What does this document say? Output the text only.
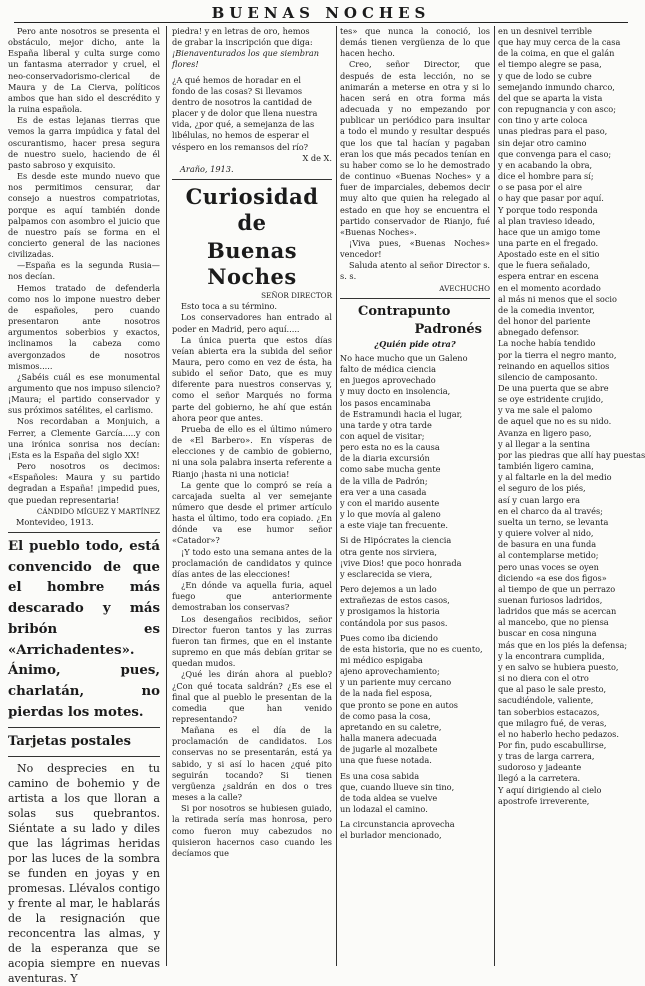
BUENAS NOCHES

Pero ante nosotros se presenta el obstáculo, mejor dicho, ante la España liberal y culta surge como un fantasma aterrador y cruel, el neo-conservadorismo-clerical de Maura y de La Cierva, políticos ambos que han sido el descrédito y la ruina española.

Es de estas lejanas tierras que vemos la garra impúdica y fatal del oscurantismo, hacer presa segura de nuestro suelo, haciendo de él pasto sabroso y exquisito.

Es desde este mundo nuevo que nos permitimos censurar, dar consejo a nuestros compatriotas, porque es aquí también donde palpamos con asombro el juicio que de nuestro país se forma en el concierto general de las naciones civilizadas.

—España es la segunda Rusia—nos decían.

Hemos tratado de defenderla como nos lo impone nuestro deber de españoles, pero cuando presentaron ante nosotros argumentos soberbios y exactos, inclinamos la cabeza como avergonzados de nosotros mismos.....

¿Sabéis cuál es ese monumental argumento que nos impuso silencio? ¡Maura; el partido conservador y sus próximos satélites, el carlismo.

Nos recordaban a Monjuich, a Ferrer, a Clemente García.....y con una irónica sonrisa nos decían: ¡Esta es la España del siglo XX!

Pero nosotros os decimos: «Españoles: Maura y su partido degradan a España! ¡impedid pues, que puedan representaria!

CÁNDIDO MÍGUEZ Y MARTÍNEZ
Montevideo, 1913.
El pueblo todo, está convencido de que el hombre más descarado y más bribón es «Arrichadentes». Ánimo, pues, charlatán, no pierdas los motes.
Tarjetas postales

No desprecies en tu camino de bohemio y de artista a los que lloran a solas sus quebrantos. Siéntate a su lado y diles que las lágrimas heridas por las luces de la sombra se funden en joyas y en promesas. Llévalos contigo y frente al mar, le hablarás de la resignación que reconcentra las almas, y de la esperanza que se acopia siempre en nuevas aventuras. Y

piedra! y en letras de oro, hemos
de grabar la inscripción que diga:
¡Bienaventurados los que siembran
flores!

¿A qué hemos de horadar en el
fondo de las cosas? Si llevamos
dentro de nosotros la cantidad de
placer y de dolor que llena nuestra
vida, ¿por qué, a semejanza de las
libélulas, no hemos de esperar el
véspero en los remansos del río?
X de X.
Araño, 1913.
Curiosidad de
Buenas Noches
SEÑOR DIRECTOR

Esto toca a su término.

Los conservadores han entrado al poder en Madrid, pero aquí.....

La única puerta que estos días veían abierta era la subida del señor Maura, pero como en vez de ésta, ha subido el señor Dato, que es muy diferente para nuestros conservas y, como el señor Marqués no forma parte del gobierno, he ahí que están ahora peor que antes.

Prueba de ello es el último número de «El Barbero». En vísperas de elecciones y de cambio de gobierno, ni una sola palabra inserta referente a Rianjo ¡hasta ni una noticia!

La gente que lo compró se reía a carcajada suelta al ver semejante número que desde el primer artículo hasta el último, todo era copiado. ¿En dónde va ese humor señor «Catador»?

¡Y todo esto una semana antes de la proclamación de candidatos y quince días antes de las elecciones!

¿En dónde va aquella furia, aquel fuego que anteriormente demostraban los conservas?

Los desengaños recibidos, señor Director fueron tantos y las zurras fueron tan firmes, que en el instante supremo en que más debían gritar se quedan mudos.

¿Qué les dirán ahora al pueblo? ¿Con qué tocata saldrán? ¿Es ese el final que al pueblo le presentan de la comedia que han venido representando?

Mañana es el día de la proclamación de candidatos. Los conservas no se presentarán, está ya sabido, y si así lo hacen ¿qué pito seguirán tocando? Si tienen vergüenza ¿saldrán en dos o tres meses a la calle?

Si por nosotros se hubiesen guiado, la retirada sería mas honrosa, pero como fueron muy cabezudos no quisieron hacernos caso cuando les decíamos que

tes» que nunca la conoció, los demás tienen vergüenza de lo que hacen hecho.

Creo, señor Director, que después de esta lección, no se animarán a meterse en otra y si lo hacen será en otra forma más adecuada y no empezando por publicar un periódico para insultar a todo el mundo y resultar después que los que tal hacían y pagaban eran los que más pecados tenían en su haber como se lo he demostrado de continuo «Buenas Noches» y a fuer de imparciales, debemos decir muy alto que quien ha relegado al estado en que hoy se encuentra el partido conservador de Rianjo, fué «Buenas Noches».

¡Viva pues, «Buenas Noches» vencedor!

Saluda atento al señor Director s. s. s.

AVECHUCHO
Contrapunto
Padronés
¿Quién pide otra?
No hace mucho que un Galeno
falto de médica ciencia
en juegos aprovechado
y muy docto en insolencia,
los pasos encaminaba
de Estramundi hacia el lugar,
una tarde y otra tarde
con aquel de visitar;
pero esta no es la causa
de la diaria excursión
como sabe mucha gente
de la villa de Padrón;
era ver a una casada
y con el marido ausente
y lo que movía al galeno
a este viaje tan frecuente.

Si de Hipócrates la ciencia
otra gente nos sirviera,
¡vive Dios! que poco honrada
y esclarecida se viera,

Pero dejemos a un lado
extrañezas de estos casos,
y prosigamos la historia
contándola por sus pasos.

Pues como iba diciendo
de esta historia, que no es cuento,
mi médico espigaba
ajeno aprovechamiento;
y un pariente muy cercano
de la nada fiel esposa,
que pronto se pone en autos
de como pasa la cosa,
apretando en su caletre,
halla manera adecuada
de jugarle al mozalbete
una que fuese notada.

Es una cosa sabida
que, cuando llueve sin tino,
de toda aldea se vuelve
un lodazal el camino.

La circunstancia aprovecha
el burlador mencionado,
en un desnivel terrible
que hay muy cerca de la casa
de la coima, en que el galán
el tiempo alegre se pasa,
y que de lodo se cubre
semejando inmundo charco,
del que se aparta la vista
con repugnancia y con asco;
con tino y arte coloca
unas piedras para el paso,
sin dejar otro camino
que convenga para el caso;
y en acabando la obra,
dice el hombre para sí;
o se pasa por el aire
o hay que pasar por aquí.
Y porque todo responda
al plan travieso ideado,
hace que un amigo tome
una parte en el fregado.
Apostado este en el sitio
que le fuera señalado,
espera entrar en escena
en el momento acordado
al más ni menos que el socio
de la comedia inventor,
del honor del pariente
abnegado defensor.
La noche había tendido
por la tierra el negro manto,
reinando en aquellos sitios
silencio de camposanto.
De una puerta que se abre
se oye estridente crujido,
y va me sale el palomo
de aquel que no es su nido.
Avanza en ligero paso,
y al llegar a la sentina
por las piedras que allí hay puestas
también ligero camina,
y al faltarle en la del medio
el seguro de los piés,
así y cuan largo era
en el charco da al través;
suelta un terno, se levanta
y quiere volver al nido,
de basura en una funda
al contemplarse metido;
pero unas voces se oyen
diciendo «a ese dos figos»
al tiempo de que un perrazo
suenan furiosos ladridos,
ladridos que más se acercan
al mancebo, que no piensa
buscar en cosa ninguna
más que en los piés la defensa;
y la encontrara cumplida,
y en salvo se hubiera puesto,
si no diera con el otro
que al paso le sale presto,
sacudiéndole, valiente,
tan soberbios estacazos,
que milagro fué, de veras,
el no haberlo hecho pedazos.
Por fin, pudo escabullirse,
y tras de larga carrera,
sudoroso y jadeante
llegó a la carretera.
Y aquí dirigiendo al cielo
apostrofe irreverente,
